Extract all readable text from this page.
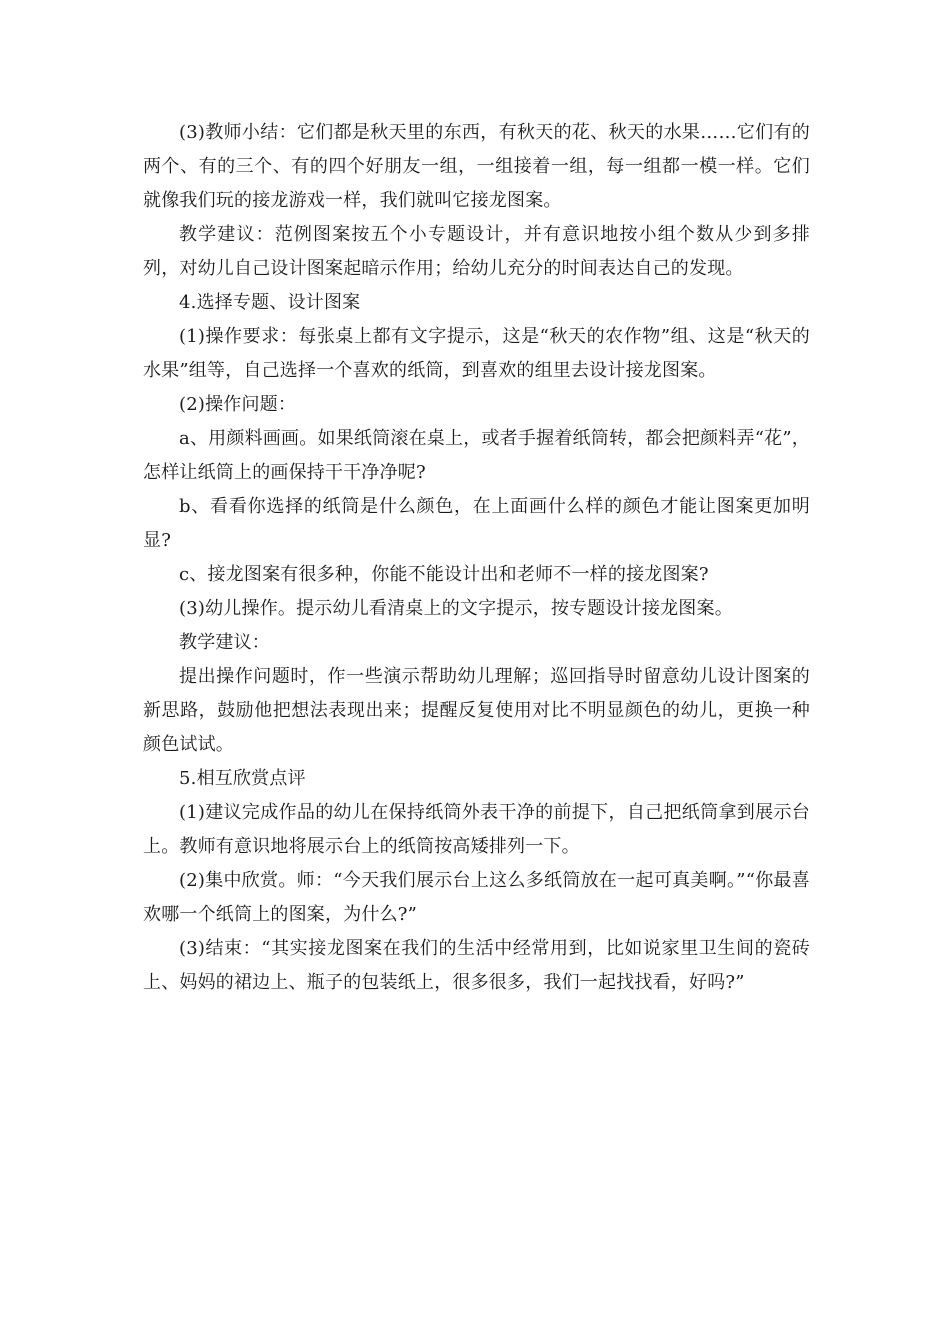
(3)教师小结：它们都是秋天里的东西，有秋天的花、秋天的水果……它们有的两个、有的三个、有的四个好朋友一组，一组接着一组，每一组都一模一样。它们就像我们玩的接龙游戏一样，我们就叫它接龙图案。

教学建议：范例图案按五个小专题设计，并有意识地按小组个数从少到多排列，对幼儿自己设计图案起暗示作用；给幼儿充分的时间表达自己的发现。

4.选择专题、设计图案

(1)操作要求：每张桌上都有文字提示，这是“秋天的农作物”组、这是“秋天的水果”组等，自己选择一个喜欢的纸筒，到喜欢的组里去设计接龙图案。

(2)操作问题：

a、用颜料画画。如果纸筒滚在桌上，或者手握着纸筒转，都会把颜料弄“花”，怎样让纸筒上的画保持干干净净呢?

b、看看你选择的纸筒是什么颜色，在上面画什么样的颜色才能让图案更加明显?

c、接龙图案有很多种，你能不能设计出和老师不一样的接龙图案?

(3)幼儿操作。提示幼儿看清桌上的文字提示，按专题设计接龙图案。

教学建议：

提出操作问题时，作一些演示帮助幼儿理解；巡回指导时留意幼儿设计图案的新思路，鼓励他把想法表现出来；提醒反复使用对比不明显颜色的幼儿，更换一种颜色试试。

5.相互欣赏点评

(1)建议完成作品的幼儿在保持纸筒外表干净的前提下，自己把纸筒拿到展示台上。教师有意识地将展示台上的纸筒按高矮排列一下。

(2)集中欣赏。师：“今天我们展示台上这么多纸筒放在一起可真美啊。”“你最喜欢哪一个纸筒上的图案，为什么?”

(3)结束：“其实接龙图案在我们的生活中经常用到，比如说家里卫生间的瓷砖上、妈妈的裙边上、瓶子的包装纸上，很多很多，我们一起找找看，好吗?”
